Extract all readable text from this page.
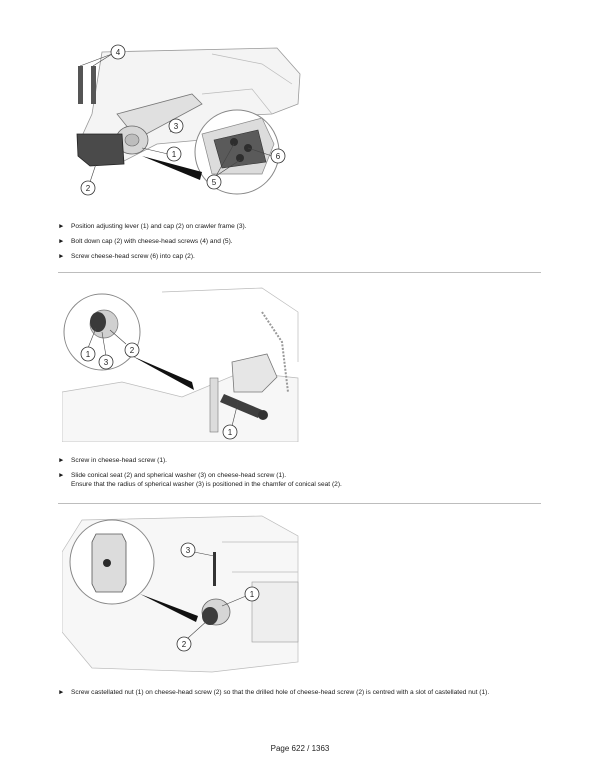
4
3
1
2
6
5
► Position adjusting lever (1) and cap (2) on crawler frame (3).
► Bolt down cap (2) with cheese-head screws (4) and (5).
► Screw cheese-head screw (6) into cap (2).
1	2
3
1
► Screw in cheese-head screw (1).
► Slide conical seat (2) and spherical washer (3) on cheese-head screw (1).
Ensure that the radius of spherical washer (3) is positioned in the chamfer of conical seat (2).
3
1
2
► Screw castellated nut (1) on cheese-head screw (2) so that the drilled hole of cheese-head screw (2) is centred with a slot of castellated nut (1).
Page 622 / 1363
